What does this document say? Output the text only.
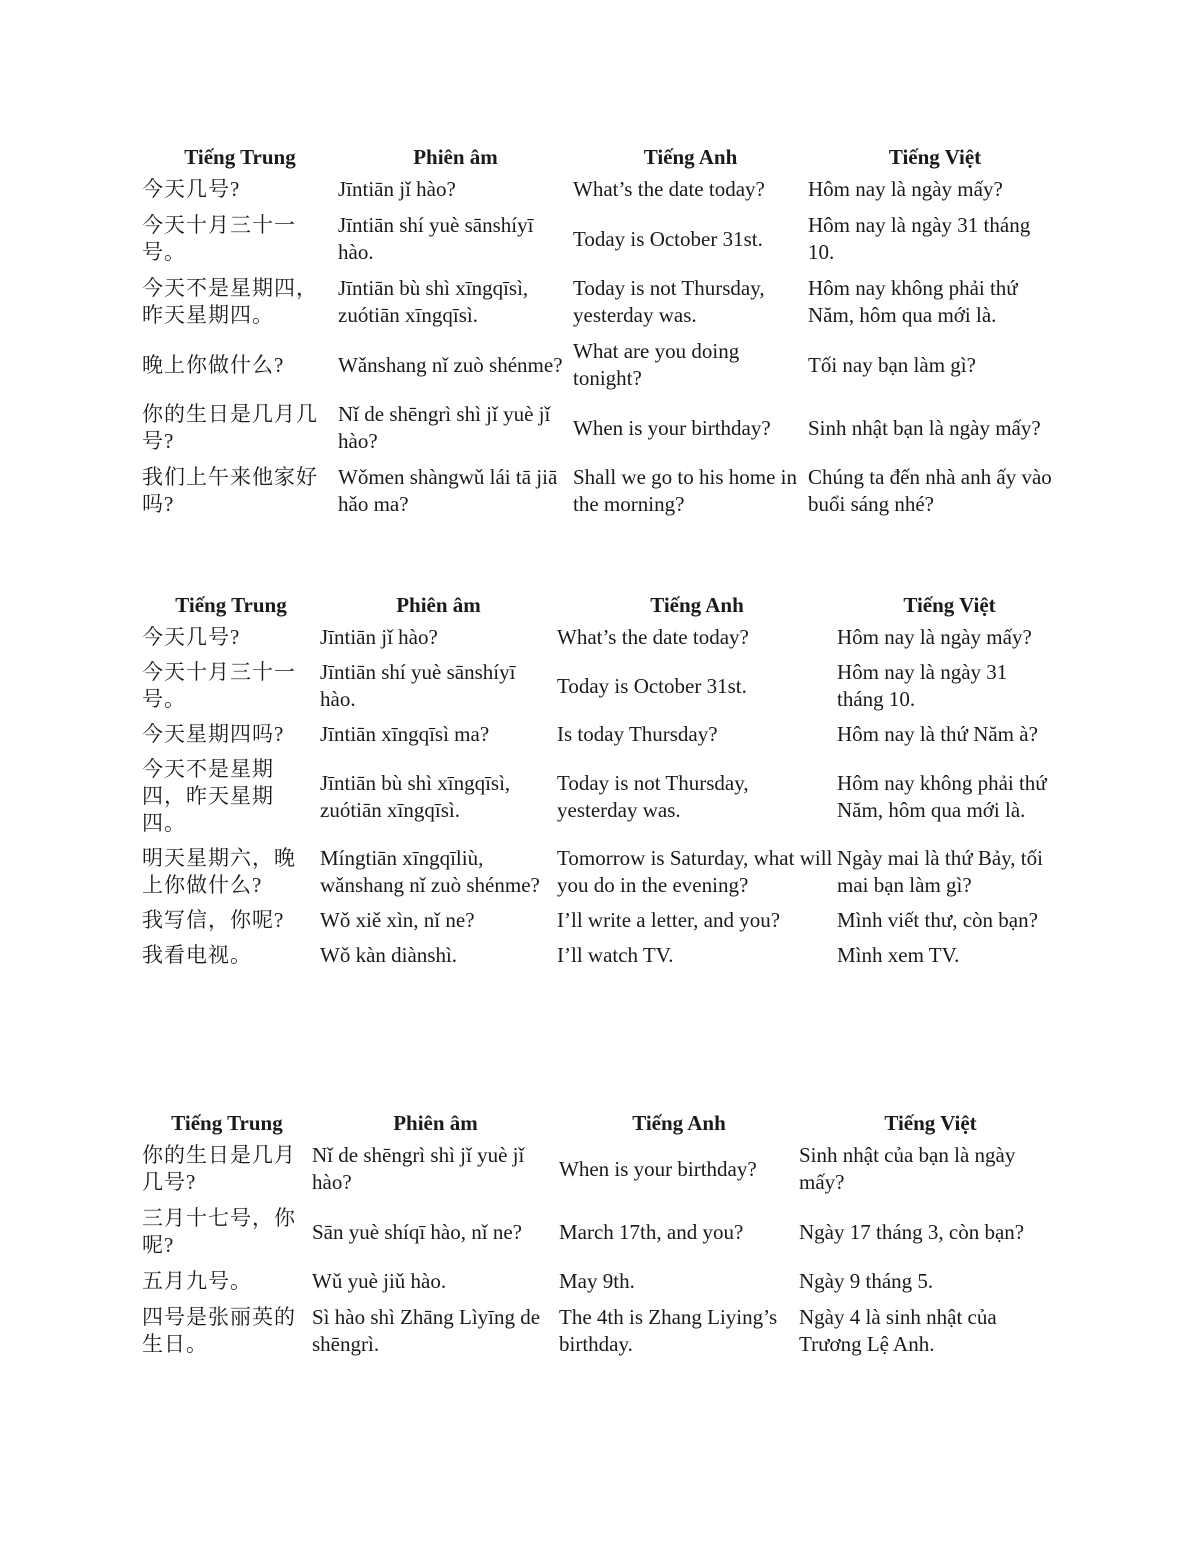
Tiếng Trung	Phiên âm	Tiếng Anh	Tiếng Việt
今天几号?	Jīntiān jǐ hào?	What’s the date today?	Hôm nay là ngày mấy?
今天十月三十一号。	Jīntiān shí yuè sānshíyī hào.	Today is October 31st.	Hôm nay là ngày 31 tháng 10.
今天不是星期四，昨天星期四。	Jīntiān bù shì xīngqīsì, zuótiān xīngqīsì.	Today is not Thursday, yesterday was.	Hôm nay không phải thứ Năm, hôm qua mới là.
晚上你做什么?	Wǎnshang nǐ zuò shénme?	What are you doing tonight?	Tối nay bạn làm gì?
你的生日是几月几号?	Nǐ de shēngrì shì jǐ yuè jǐ hào?	When is your birthday?	Sinh nhật bạn là ngày mấy?
我们上午来他家好吗?	Wǒmen shàngwǔ lái tā jiā hǎo ma?	Shall we go to his home in the morning?	Chúng ta đến nhà anh ấy vào buổi sáng nhé?
Tiếng Trung	Phiên âm	Tiếng Anh	Tiếng Việt
今天几号?	Jīntiān jǐ hào?	What’s the date today?	Hôm nay là ngày mấy?
今天十月三十一号。	Jīntiān shí yuè sānshíyī hào.	Today is October 31st.	Hôm nay là ngày 31 tháng 10.
今天星期四吗?	Jīntiān xīngqīsì ma?	Is today Thursday?	Hôm nay là thứ Năm à?
今天不是星期四，昨天星期四。	Jīntiān bù shì xīngqīsì, zuótiān xīngqīsì.	Today is not Thursday, yesterday was.	Hôm nay không phải thứ Năm, hôm qua mới là.
明天星期六，晚上你做什么?	Míngtiān xīngqīliù, wǎnshang nǐ zuò shénme?	Tomorrow is Saturday, what will you do in the evening?	Ngày mai là thứ Bảy, tối mai bạn làm gì?
我写信，你呢?	Wǒ xiě xìn, nǐ ne?	I’ll write a letter, and you?	Mình viết thư, còn bạn?
我看电视。	Wǒ kàn diànshì.	I’ll watch TV.	Mình xem TV.
Tiếng Trung	Phiên âm	Tiếng Anh	Tiếng Việt
你的生日是几月几号?	Nǐ de shēngrì shì jǐ yuè jǐ hào?	When is your birthday?	Sinh nhật của bạn là ngày mấy?
三月十七号，你呢?	Sān yuè shíqī hào, nǐ ne?	March 17th, and you?	Ngày 17 tháng 3, còn bạn?
五月九号。	Wǔ yuè jiǔ hào.	May 9th.	Ngày 9 tháng 5.
四号是张丽英的生日。	Sì hào shì Zhāng Lìyīng de shēngrì.	The 4th is Zhang Liying’s birthday.	Ngày 4 là sinh nhật của Trương Lệ Anh.
